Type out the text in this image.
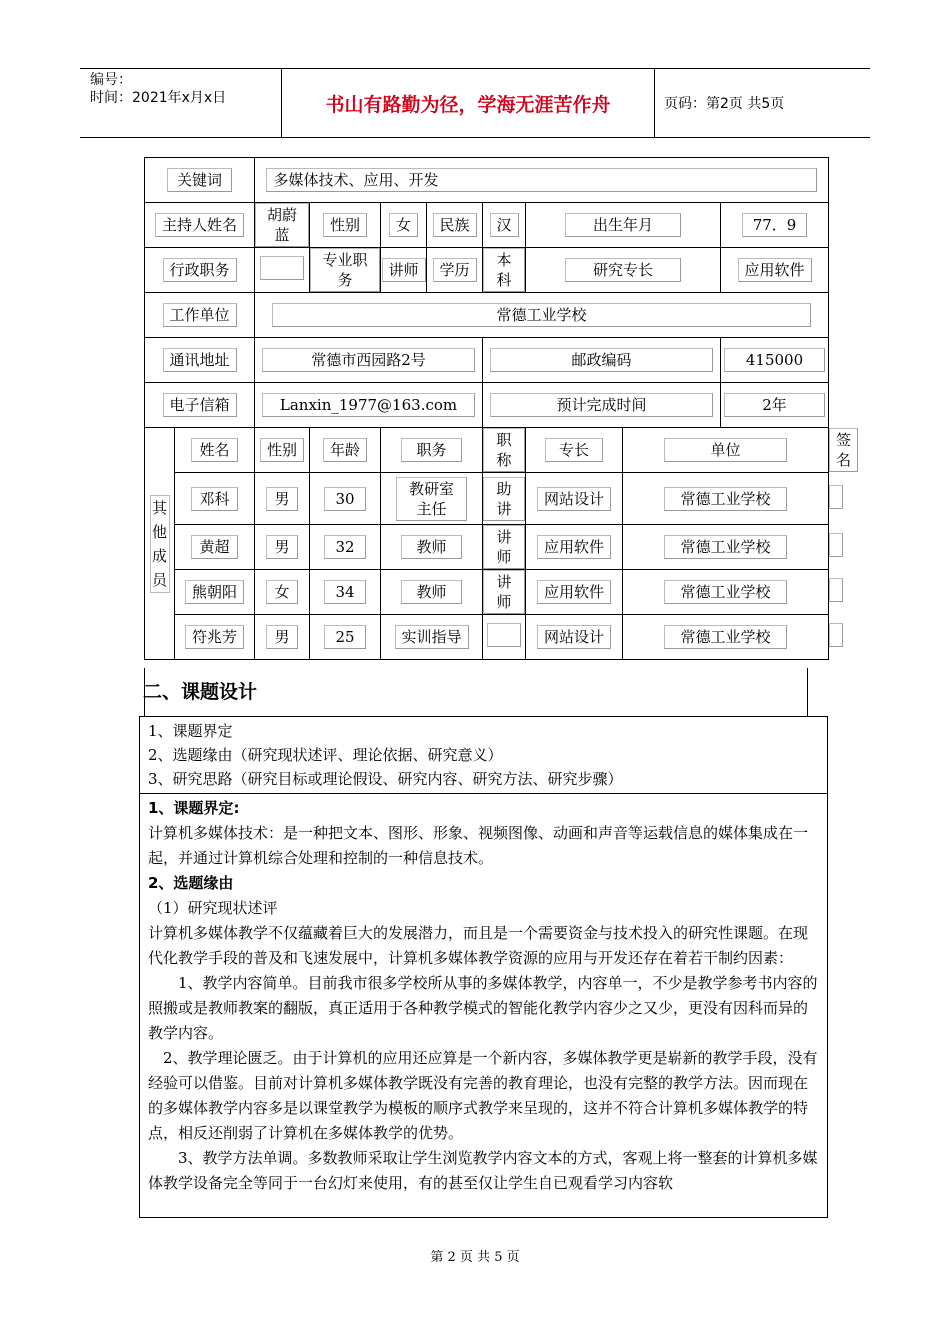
编号：
时间：2021年x月x日	书山有路勤为径，学海无涯苦作舟	页码：第2页 共5页
关键词		多媒体技术、应用、开发								
主持人姓名		胡蔚蓝	性别	女	民族	汉	出生年月		77．9	
行政职务			专业职务	讲师	学历	本科	研究专长		应用软件	
工作单位		常德工业学校								
通讯地址		常德市西园路2号				邮政编码			415000	
电子信箱		Lanxin_1977@163.com				预计完成时间			2年	

其他成员	姓名	性别	年龄	职务		职称	专长	单位		签名
	邓科	男	30	教研室主任		助讲	网站设计	常德工业学校		
	黄超	男	32	教师		讲师	应用软件	常德工业学校		
	熊朝阳	女	34	教师		讲师	应用软件	常德工业学校		
	符兆芳	男	25	实训指导			网站设计	常德工业学校		
二、课题设计
1、课题界定
2、选题缘由（研究现状述评、理论依据、研究意义）
3、研究思路（研究目标或理论假设、研究内容、研究方法、研究步骤）

1、课题界定:

计算机多媒体技术：是一种把文本、图形、形象、视频图像、动画和声音等运载信息的媒体集成在一起，并通过计算机综合处理和控制的一种信息技术。

2、选题缘由

（1）研究现状述评

计算机多媒体教学不仅蕴藏着巨大的发展潜力，而且是一个需要资金与技术投入的研究性课题。在现代化教学手段的普及和飞速发展中，计算机多媒体教学资源的应用与开发还存在着若干制约因素：

1、教学内容简单。目前我市很多学校所从事的多媒体教学，内容单一，不少是教学参考书内容的照搬或是教师教案的翻版，真正适用于各种教学模式的智能化教学内容少之又少，更没有因科而异的教学内容。

2、教学理论匮乏。由于计算机的应用还应算是一个新内容，多媒体教学更是崭新的教学手段，没有经验可以借鉴。目前对计算机多媒体教学既没有完善的教育理论，也没有完整的教学方法。因而现在的多媒体教学内容多是以课堂教学为模板的顺序式教学来呈现的，这并不符合计算机多媒体教学的特点，相反还削弱了计算机在多媒体教学的优势。

3、教学方法单调。多数教师采取让学生浏览教学内容文本的方式，客观上将一整套的计算机多媒体教学设备完全等同于一台幻灯来使用，有的甚至仅让学生自已观看学习内容软

第 2 页 共 5 页
